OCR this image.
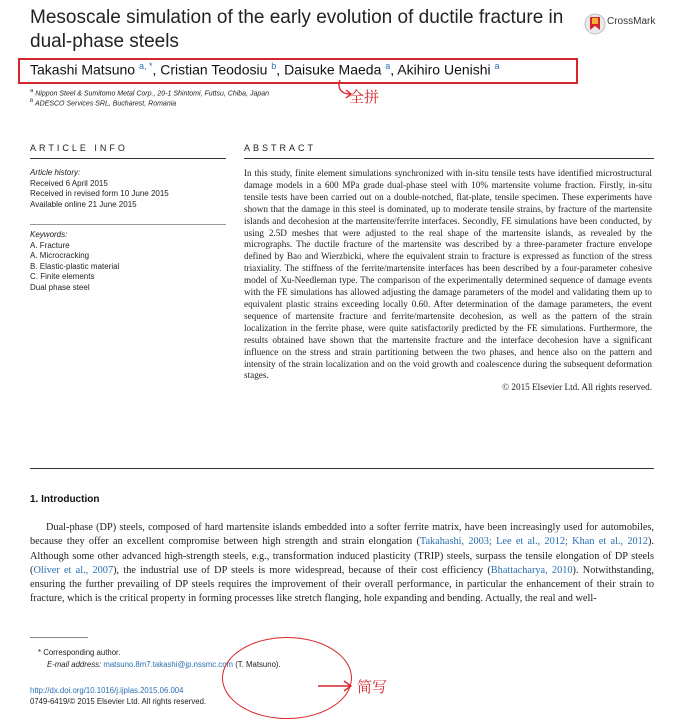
Mesoscale simulation of the early evolution of ductile fracture in dual-phase steels
CrossMark
Takashi Matsuno $^{a, *}$, Cristian Teodosiu $^b$, Daisuke Maeda $^a$, Akihiro Uenishi $^a$
全拼
$^a$ Nippon Steel & Sumitomo Metal Corp., 20-1 Shintomi, Futtsu, Chiba, Japan
$^b$ ADESCO Services SRL, Bucharest, Romania
ARTICLE INFO
Article history:
Received 6 April 2015
Received in revised form 10 June 2015
Available online 21 June 2015
Keywords:
A. Fracture
A. Microcracking
B. Elastic-plastic material
C. Finite elements
Dual phase steel
ABSTRACT
In this study, finite element simulations synchronized with in-situ tensile tests have identified microstructural damage models in a 600 MPa grade dual-phase steel with 10% martensite volume fraction. Firstly, in-situ tensile tests have been carried out on a double-notched, flat-plate, tensile specimen. These experiments have shown that the damage in this steel is dominated, up to moderate tensile strains, by fracture of the martensite islands and decohesion at the martensite/ferrite interfaces. Secondly, FE simulations have been conducted, by using 2.5D meshes that were adjusted to the real shape of the martensite islands, as revealed by the micrographs. The ductile fracture of the martensite was described by a three-parameter fracture envelope defined by Bao and Wierzbicki, where the equivalent strain to fracture is expressed as function of the stress triaxiality. The stiffness of the ferrite/martensite interfaces has been described by a four-parameter cohesive model of Xu-Needleman type. The comparison of the experimentally determined sequence of damage events with the FE simulations has allowed adjusting the damage parameters of the model and validating them up to equivalent plastic strains exceeding locally 0.60. After determination of the damage parameters, the event sequence of martensite fracture and ferrite/martensite decohesion, as well as the pattern of the strain localization in the ferrite phase, were quite satisfactorily predicted by the FE simulations. Furthermore, the results obtained have shown that the martensite fracture and the interface decohesion have a significant influence on the stress and strain partitioning between the two phases, and hence also on the pattern and intensity of the strain localization and on the void growth and coalescence during the subsequent deformation stages.
© 2015 Elsevier Ltd. All rights reserved.
1. Introduction
Dual-phase (DP) steels, composed of hard martensite islands embedded into a softer ferrite matrix, have been increasingly used for automobiles, because they offer an excellent compromise between high strength and strain elongation (Takahashi, 2003; Lee et al., 2012; Khan et al., 2012). Although some other advanced high-strength steels, e.g., transformation induced plasticity (TRIP) steels, surpass the tensile elongation of DP steels (Oliver et al., 2007), the industrial use of DP steels is more widespread, because of their cost efficiency (Bhattacharya, 2010). Notwithstanding, ensuring the further prevailing of DP steels requires the improvement of their overall performance, in particular the enhancement of their strain to fracture, which is the critical property in forming processes like stretch flanging, hole expanding and bending. Actually, the real and well-
* Corresponding author.
E-mail address: matsuno.8m7.takashi@jp.nssmc.com (T. Matsuno).
http://dx.doi.org/10.1016/j.ijplas.2015.06.004
0749-6419/© 2015 Elsevier Ltd. All rights reserved.
简写
